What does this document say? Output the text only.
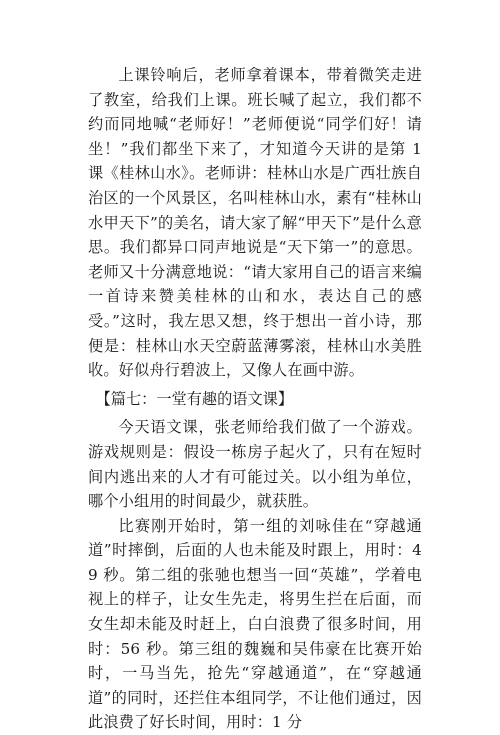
上课铃响后，老师拿着课本，带着微笑走进了教室，给我们上课。班长喊了起立，我们都不约而同地喊“老师好！”老师便说“同学们好！请坐！”我们都坐下来了，才知道今天讲的是第 1 课《桂林山水》。老师讲：桂林山水是广西壮族自治区的一个风景区，名叫桂林山水，素有“桂林山水甲天下”的美名，请大家了解“甲天下”是什么意思。我们都异口同声地说是“天下第一”的意思。老师又十分满意地说：“请大家用自己的语言来编一首诗来赞美桂林的山和水，表达自己的感受。”这时，我左思又想，终于想出一首小诗，那便是：桂林山水天空蔚蓝薄雾滚，桂林山水美胜收。好似舟行碧波上，又像人在画中游。

【篇七：一堂有趣的语文课】

今天语文课，张老师给我们做了一个游戏。游戏规则是：假设一栋房子起火了，只有在短时间内逃出来的人才有可能过关。以小组为单位，哪个小组用的时间最少，就获胜。

比赛刚开始时，第一组的刘咏佳在“穿越通道”时摔倒，后面的人也未能及时跟上，用时：49 秒。第二组的张驰也想当一回“英雄”，学着电视上的样子，让女生先走，将男生拦在后面，而女生却未能及时赶上，白白浪费了很多时间，用时：56 秒。第三组的魏巍和吴伟豪在比赛开始时，一马当先，抢先“穿越通道”，在“穿越通道”的同时，还拦住本组同学，不让他们通过，因此浪费了好长时间，用时：1 分
